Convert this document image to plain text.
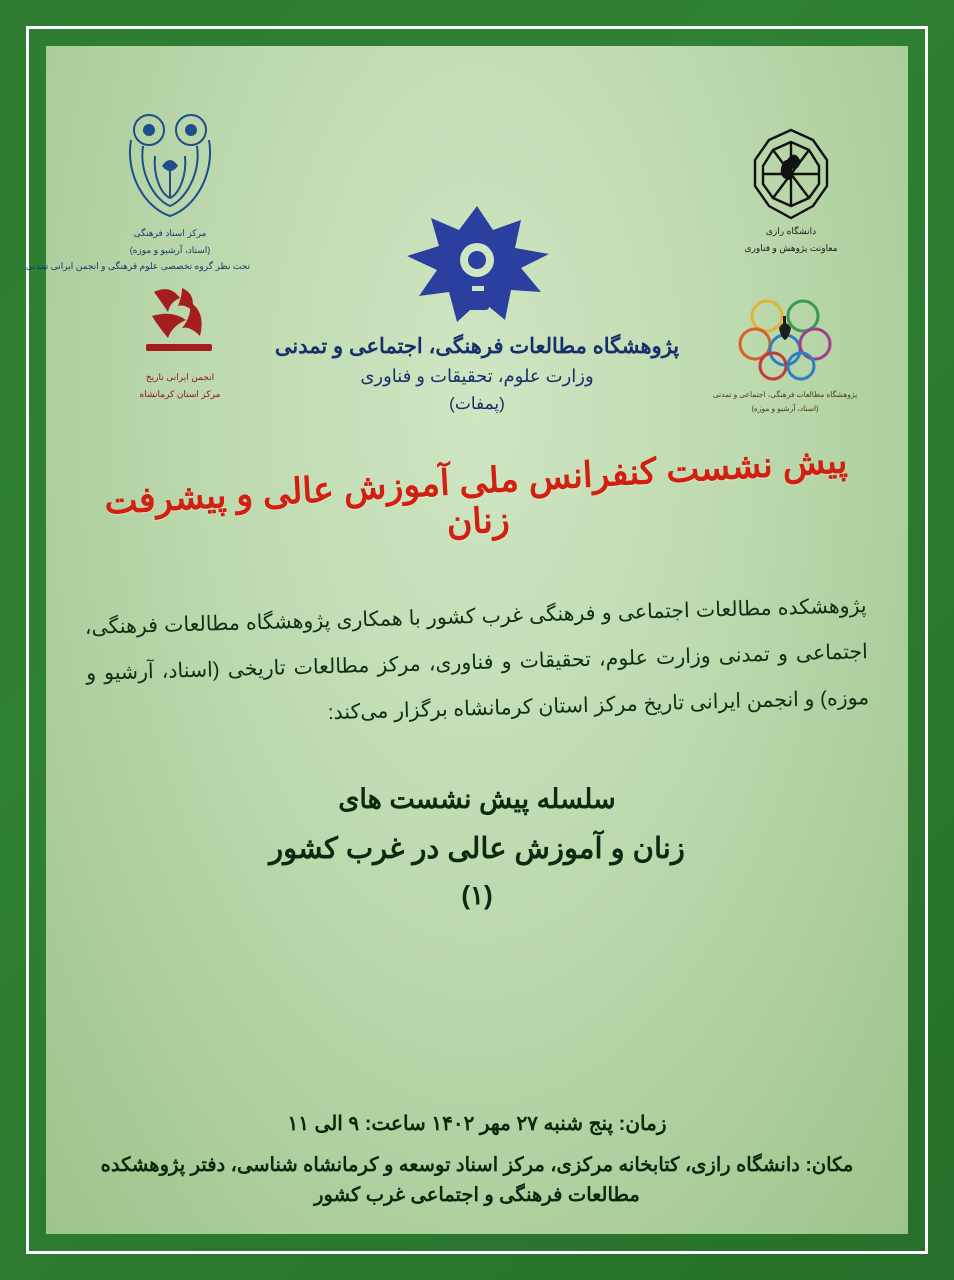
مرکز اسناد فرهنگی
(اسناد، آرشیو و موزه)
تحت نظر گروه تخصصی علوم فرهنگی و انجمن ایرانی تمدنی
دانشگاه رازی
معاونت پژوهش و فناوری
انجمن ایرانی تاریخ
مرکز استان کرمانشاه	پژوهشگاه مطالعات فرهنگی، اجتماعی و تمدنی
(اسناد، آرشیو و موزه)
پژوهشگاه مطالعات فرهنگی، اجتماعی و تمدنی
وزارت علوم، تحقیقات و فناوری
(پمفات)
پیش نشست کنفرانس ملی آموزش عالی و پیشرفت زنان
پژوهشکده مطالعات اجتماعی و فرهنگی غرب کشور با همکاری پژوهشگاه مطالعات فرهنگی، اجتماعی و تمدنی وزارت علوم، تحقیقات و فناوری، مرکز مطالعات تاریخی (اسناد، آرشیو و موزه) و انجمن ایرانی تاریخ مرکز استان کرمانشاه برگزار می‌کند:
سلسله پیش نشست های
زنان و آموزش عالی در غرب کشور
(۱)
زمان: پنج شنبه ۲۷ مهر ۱۴۰۲ ساعت: ۹ الی ۱۱
مکان: دانشگاه رازی، کتابخانه مرکزی، مرکز اسناد توسعه و کرمانشاه شناسی، دفتر پژوهشکده مطالعات فرهنگی و اجتماعی غرب کشور
